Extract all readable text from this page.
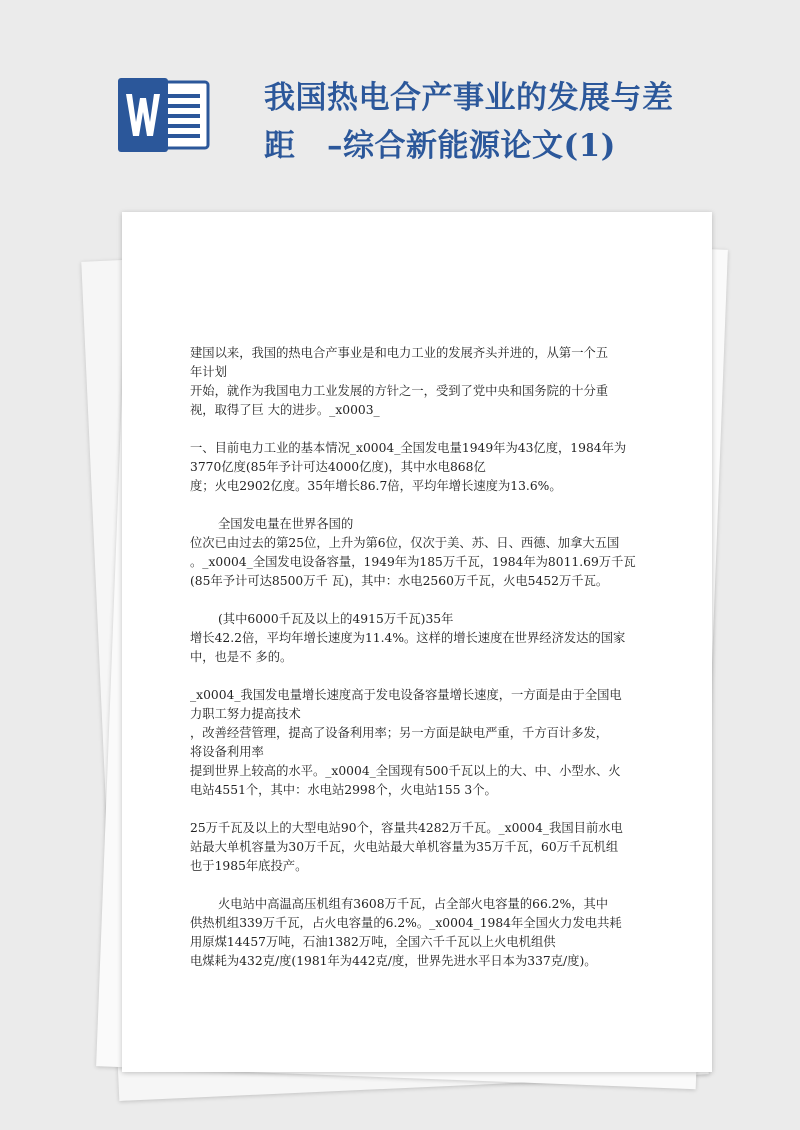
我国热电合产事业的发展与差
距　–综合新能源论文(1)
建国以来，我国的热电合产事业是和电力工业的发展齐头并进的，从第一个五
年计划
开始，就作为我国电力工业发展的方针之一，受到了党中央和国务院的十分重
视，取得了巨 大的进步。_x0003_
一、目前电力工业的基本情况_x0004_全国发电量1949年为43亿度，1984年为
3770亿度(85年予计可达4000亿度)，其中水电868亿
度；火电2902亿度。35年增长86.7倍，平均年增长速度为13.6%。
全国发电量在世界各国的
位次已由过去的第25位，上升为第6位，仅次于美、苏、日、西德、加拿大五国
。_x0004_全国发电设备容量，1949年为185万千瓦，1984年为8011.69万千瓦
(85年予计可达8500万千 瓦)，其中：水电2560万千瓦，火电5452万千瓦。
(其中6000千瓦及以上的4915万千瓦)35年
增长42.2倍，平均年增长速度为11.4%。这样的增长速度在世界经济发达的国家
中，也是不 多的。
_x0004_我国发电量增长速度高于发电设备容量增长速度，一方面是由于全国电
力职工努力提高技术
，改善经营管理，提高了设备利用率；另一方面是缺电严重，千方百计多发，
将设备利用率
提到世界上较高的水平。_x0004_全国现有500千瓦以上的大、中、小型水、火
电站4551个，其中：水电站2998个，火电站155 3个。
25万千瓦及以上的大型电站90个，容量共4282万千瓦。_x0004_我国目前水电
站最大单机容量为30万千瓦，火电站最大单机容量为35万千瓦，60万千瓦机组
也于1985年底投产。
火电站中高温高压机组有3608万千瓦，占全部火电容量的66.2%，其中
供热机组339万千瓦，占火电容量的6.2%。_x0004_1984年全国火力发电共耗
用原煤14457万吨，石油1382万吨，全国六千千瓦以上火电机组供
电煤耗为432克/度(1981年为442克/度，世界先进水平日本为337克/度)。
